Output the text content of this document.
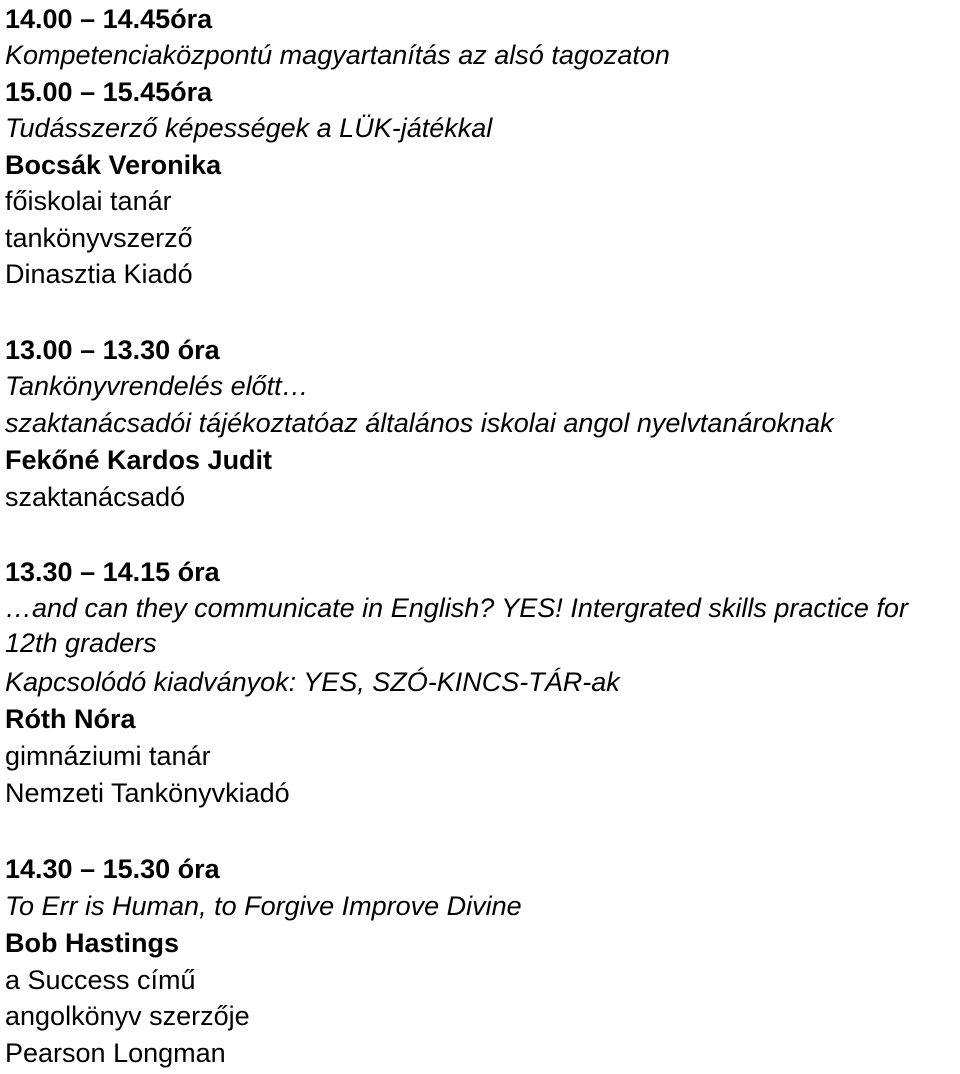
14.00 – 14.45óra
Kompetenciaközpontú magyartanítás az alsó tagozaton
15.00 – 15.45óra
Tudásszerző képességek a LÜK-játékkal
Bocsák Veronika
főiskolai tanár
tankönyvszerző
Dinasztia Kiadó
13.00 – 13.30 óra
Tankönyvrendelés előtt…
szaktanácsadói tájékoztatóaz általános iskolai angol nyelvtanároknak
Fekőné Kardos Judit
szaktanácsadó
13.30 – 14.15 óra
…and can they communicate in English? YES! Intergrated skills practice for 12th graders
Kapcsolódó kiadványok: YES, SZÓ-KINCS-TÁR-ak
Róth Nóra
gimnáziumi tanár
Nemzeti Tankönyvkiadó
14.30 – 15.30 óra
To Err is Human, to Forgive Improve Divine
Bob Hastings
a Success című
angolkönyv szerzője
Pearson Longman
